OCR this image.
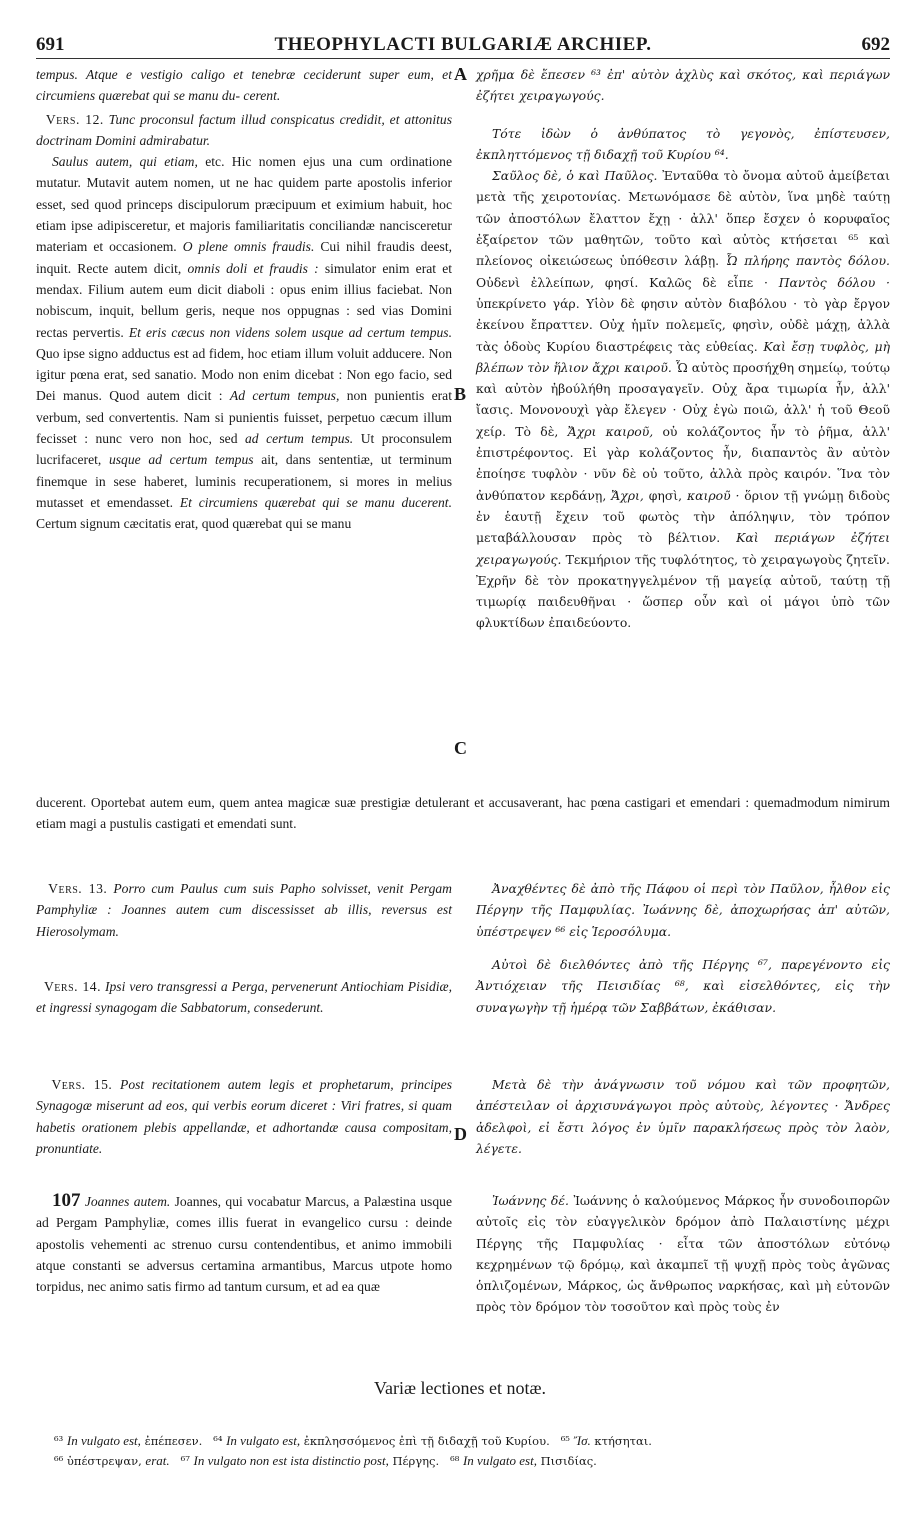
691	THEOPHYLACTI BULGARIÆ ARCHIEP.	692
A
B
C
D

tempus. Atque e vestigio caligo et tenebræ ceciderunt super eum, et circumiens quærebat qui se manu du- cerent.

Vers. 12. Tunc proconsul factum illud conspicatus credidit, et attonitus doctrinam Domini admirabatur.

Saulus autem, qui etiam, etc. Hic nomen ejus una cum ordinatione mutatur. Mutavit autem nomen, ut ne hac quidem parte apostolis inferior esset, sed quod princeps discipulorum præcipuum et eximium habuit, hoc etiam ipse adipisceretur, et majoris familiaritatis conciliandæ nancisceretur materiam et occasionem. O plene omnis fraudis. Cui nihil fraudis deest, inquit. Recte autem dicit, omnis doli et fraudis : simulator enim erat et mendax. Filium autem eum dicit diaboli : opus enim illius faciebat. Non nobiscum, inquit, bellum geris, neque nos oppugnas : sed vias Domini rectas pervertis. Et eris cæcus non videns solem usque ad certum tempus. Quo ipse signo adductus est ad fidem, hoc etiam illum voluit adducere. Non igitur pœna erat, sed sanatio. Modo non enim dicebat : Non ego facio, sed Dei manus. Quod autem dicit : Ad certum tempus, non punientis erat verbum, sed convertentis. Nam si punientis fuisset, perpetuo cæcum illum fecisset : nunc vero non hoc, sed ad certum tempus. Ut proconsulem lucrifaceret, usque ad certum tempus ait, dans sententiæ, ut terminum finemque in sese haberet, luminis recuperationem, si mores in melius mutasset et emendasset. Et circumiens quærebat qui se manu ducerent. Certum signum cæcitatis erat, quod quærebat qui se manu

χρῆμα δὲ ἔπεσεν ⁶³ ἐπ' αὐτὸν ἀχλὺς καὶ σκότος, καὶ περιάγων ἐζήτει χειραγωγούς.

Τότε ἰδὼν ὁ ἀνθύπατος τὸ γεγονὸς, ἐπίστευσεν, ἐκπληττόμενος τῇ διδαχῇ τοῦ Κυρίου ⁶⁴.

Σαῦλος δὲ, ὁ καὶ Παῦλος. Ἐνταῦθα τὸ ὄνομα αὐτοῦ ἀμείβεται μετὰ τῆς χειροτονίας. Μετωνόμασε δὲ αὐτὸν, ἵνα μηδὲ ταύτῃ τῶν ἀποστόλων ἔλαττον ἔχῃ · ἀλλ' ὅπερ ἔσχεν ὁ κορυφαῖος ἐξαίρετον τῶν μαθητῶν, τοῦτο καὶ αὐτὸς κτήσεται ⁶⁵ καὶ πλείονος οἰκειώσεως ὑπόθεσιν λάβῃ. Ὦ πλήρης παντὸς δόλου. Οὐδενὶ ἐλλείπων, φησί. Καλῶς δὲ εἶπε · Παντὸς δόλου · ὑπεκρίνετο γάρ. Υἱὸν δὲ φησιν αὐτὸν διαβόλου · τὸ γὰρ ἔργον ἐκείνου ἔπραττεν. Οὐχ ἡμῖν πολεμεῖς, φησὶν, οὐδὲ μάχῃ, ἀλλὰ τὰς ὁδοὺς Κυρίου διαστρέφεις τὰς εὐθείας. Καὶ ἔσῃ τυφλὸς, μὴ βλέπων τὸν ἥλιον ἄχρι καιροῦ. Ὧ αὐτὸς προσήχθη σημείῳ, τούτῳ καὶ αὐτὸν ἠβούλήθη προσαγαγεῖν. Οὐχ ἄρα τιμωρία ἦν, ἀλλ' ἴασις. Μονονουχὶ γὰρ ἔλεγεν · Οὐχ ἐγὼ ποιῶ, ἀλλ' ἡ τοῦ Θεοῦ χείρ. Τὸ δὲ, Ἄχρι καιροῦ, οὐ κολάζοντος ἦν τὸ ῥῆμα, ἀλλ' ἐπιστρέφοντος. Εἰ γὰρ κολάζοντος ἦν, διαπαντὸς ἂν αὐτὸν ἐποίησε τυφλὸν · νῦν δὲ οὐ τοῦτο, ἀλλὰ πρὸς καιρόν. Ἵνα τὸν ἀνθύπατον κερδάνῃ, Ἄχρι, φησὶ, καιροῦ · ὅριον τῇ γνώμῃ διδοὺς ἐν ἑαυτῇ ἔχειν τοῦ φωτὸς τὴν ἀπόληψιν, τὸν τρόπον μεταβάλλουσαν πρὸς τὸ βέλτιον. Καὶ περιάγων ἐζήτει χειραγωγούς. Τεκμήριον τῆς τυφλότητος, τὸ χειραγωγοὺς ζητεῖν. Ἐχρῆν δὲ τὸν προκατηγγελμένον τῇ μαγείᾳ αὐτοῦ, ταύτῃ τῇ τιμωρίᾳ παιδευθῆναι · ὥσπερ οὖν καὶ οἱ μάγοι ὑπὸ τῶν φλυκτίδων ἐπαιδεύοντο.

ducerent. Oportebat autem eum, quem antea magicæ suæ prestigiæ detulerant et accusaverant, hac pœna castigari et emendari : quemadmodum nimirum etiam magi a pustulis castigati et emendati sunt.

Vers. 13. Porro cum Paulus cum suis Papho solvisset, venit Pergam Pamphyliæ : Joannes autem cum discessisset ab illis, reversus est Hierosolymam.

Ἀναχθέντες δὲ ἀπὸ τῆς Πάφου οἱ περὶ τὸν Παῦλον, ἦλθον εἰς Πέργην τῆς Παμφυλίας. Ἰωάννης δὲ, ἀποχωρήσας ἀπ' αὐτῶν, ὑπέστρεψεν ⁶⁶ εἰς Ἱεροσόλυμα.

Vers. 14. Ipsi vero transgressi a Perga, pervenerunt Antiochiam Pisidiæ, et ingressi synagogam die Sabbatorum, consederunt.

Αὐτοὶ δὲ διελθόντες ἀπὸ τῆς Πέργης ⁶⁷, παρεγένοντο εἰς Ἀντιόχειαν τῆς Πεισιδίας ⁶⁸, καὶ εἰσελθόντες, εἰς τὴν συναγωγὴν τῇ ἡμέρᾳ τῶν Σαββάτων, ἐκάθισαν.

Vers. 15. Post recitationem autem legis et prophetarum, principes Synagogæ miserunt ad eos, qui verbis eorum diceret : Viri fratres, si quam habetis orationem plebis appellandæ, et adhortandæ causa compositam, pronuntiate.

Μετὰ δὲ τὴν ἀνάγνωσιν τοῦ νόμου καὶ τῶν προφητῶν, ἀπέστειλαν οἱ ἀρχισυνάγωγοι πρὸς αὐτοὺς, λέγοντες · Ἄνδρες ἀδελφοὶ, εἰ ἔστι λόγος ἐν ὑμῖν παρακλήσεως πρὸς τὸν λαὸν, λέγετε.

107 Joannes autem. Joannes, qui vocabatur Marcus, a Palæstina usque ad Pergam Pamphyliæ, comes illis fuerat in evangelico cursu : deinde apostolis vehementi ac strenuo cursu contendentibus, et animo immobili atque constanti se adversus certamina armantibus, Marcus utpote homo torpidus, nec animo satis firmo ad tantum cursum, et ad ea quæ

Ἰωάννης δέ. Ἰωάννης ὁ καλούμενος Μάρκος ἦν συνοδοιπορῶν αὐτοῖς εἰς τὸν εὐαγγελικὸν δρόμον ἀπὸ Παλαιστίνης μέχρι Πέργης τῆς Παμφυλίας · εἶτα τῶν ἀποστόλων εὐτόνῳ κεχρημένων τῷ δρόμῳ, καὶ ἀκαμπεῖ τῇ ψυχῇ πρὸς τοὺς ἀγῶνας ὁπλιζομένων, Μάρκος, ὡς ἄνθρωπος ναρκήσας, καὶ μὴ εὐτονῶν πρὸς τὸν δρόμον τὸν τοσοῦτον καὶ πρὸς τοὺς ἐν

Variæ lectiones et notæ.
⁶³ In vulgato est, ἐπέπεσεν. ⁶⁴ In vulgato est, ἐκπλησσόμενος ἐπὶ τῇ διδαχῇ τοῦ Κυρίου. ⁶⁵ Ἴσ. κτήσηται.
⁶⁶ ὑπέστρεψαν, erat. ⁶⁷ In vulgato non est ista distinctio post, Πέργης. ⁶⁸ In vulgato est, Πισιδίας.
